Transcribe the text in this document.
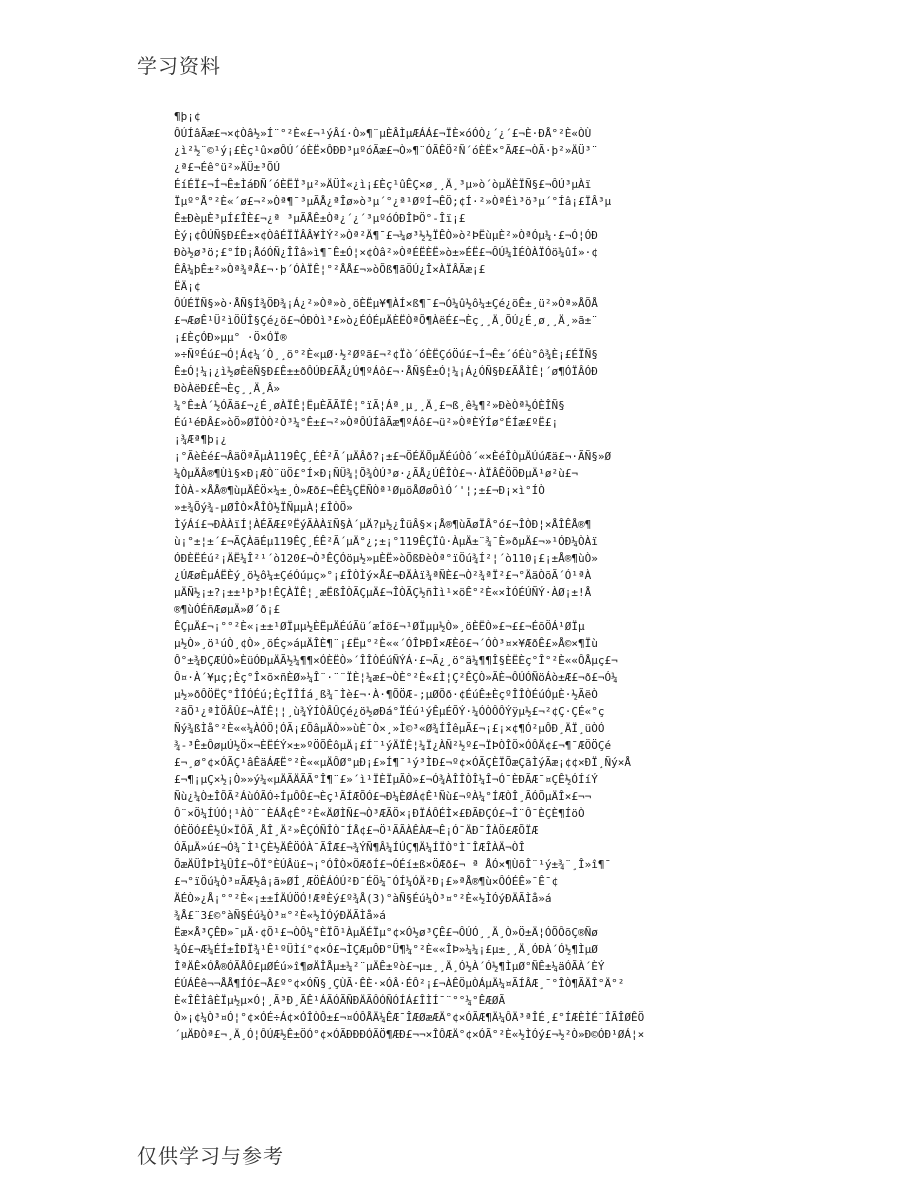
学习资料
¶þ¡¢
ÔÚÍâÃæ£¬×¢Òâ½»Í¨°²È«£¬¹ýÂí·Ò»¶¨µÈÂÌµÆÁÁ£¬ÏÈ×óÓÒ¿´¿´£¬È·ÐÅ°²È«ÒÙ
¿ì²½¨©¹ý¡£Èç¹û×øÔÚ´óÈË×ÔÐÐ³µºóÃæ£¬Ò»¶¨ÓÃÊÖ²Ñ´óÈË×°ÃÆ£¬ÒÃ·þ²»ÄÜ³¨
¿ª£¬Éê°ü²»ÄÜ±³ÕÚ
ÉíÉÏ£¬Í¬Ê±ÌáÐÑ´óÈËÏ³µ²»ÄÜÌ«¿ì¡£Èç¹ûÊÇ×ø¸¸Ä¸³µ»ò´òµÄÈÏÑ§£¬ÔÚ³µÀï
Ïµº°Å°²È«´ø£¬²»Òª¶¯³µÃÅ¿ªÎø»ò³µ´°¿ª¹ØºÍ¬ÊÖ;¢Í·²»ÒªÉì³ö³µ´°Íâ¡£ÏÂ³µ
Ê±ÐèµÈ³µÍ£ÎÈ£¬¿ª ³µÃÅÊ±Òª¿´¿´³µºóÓÐÎÞÖ°-Îï¡£
Èý¡¢ÔÚÑ§Ð£Ê±×¢ÒâÉÏÏÂÂ¥ÌÝ²»Òª²Ä¶¯£¬¼ø³½½ÏÊÒ»ò²ÞËùµÈ²»ÒªÓµ¼·£¬Ó¦ÓÐ
Ðò½ø³ö;£°ÍÐ¡ÅóÓÑ¿ÎÎâ»ì¶¯Ê±Ó¦×¢Òâ²»ÒªÉËÈË»ò±»ÉË£¬ÔÚ¼ÌÉÒÀÏÓö¼ûÍ»·¢
ÊÂ¼þÊ±²»Òª¾ªÅ£¬·þ´ÓÀÏÊ¦°²ÅÅ£¬»òÕß¶ãÖÚ¿Î×ÀÏÂÃæ¡£
ËÄ¡¢
ÔÚÉÏÑ§»ò·ÅÑ§Í¾ÖÐ¾¡Á¿²»Òª»ò¸öÈËµ¥¶ÀÍ×ß¶¯£¬Ó¼û½ô¼±Çé¿öÊ±¸ü²»Òª»ÅÕÅ
£¬ÆøÊ¹Ü²ìÖÜÎ§Çé¿ö£¬ÓÐÒì³£»ò¿ÉÓÉµÄÈËÒªÕ¶ÀëÉ£¬Èç¸¸Ä¸ÕÚ¿É¸ø¸¸Ä¸»ã±¨
¡£ÈçÓÐ»µµ° ·Ö×ÓÏ®
»÷ÑºÉú£¬Ó¦Á¢¼´Ò¸¸ö°²È«µØ·½²Øºã£¬²¢Ïò´óÈËÇóÖú£¬Í¬Ê±´óÉù°ô¾È¡£ÉÏÑ§
Ê±Ó¦¼¡¿ì½øÈëÑ§Ð£Ê±±ðÔÚÐ£ÃÅ¿Ú¶ºÁô£¬·ÅÑ§Ê±Ó¦¼¡Á¿ÓÑ§Ð£ÃÅÌÊ¦´ø¶ÓÏÂÓÐ
ÐòÀëÐ£Ê¬Èç¸¸Ä¸Â»
¼°Ê±À´½ÓÃã£¬¿É¸øÀÏÊ¦ËµÈÃÃÏÊ¦°ïÃ¦Áª¸µ¸¸Ä¸£¬ß¸ê¼¶²»ÐèÒª½ÓÈÎÑ§
Éú¹éÐÂ£»òÕ»ØÏÒÒ²Ò³¼°Ê±£¬²»ÒªÔÚÍâÃæ¶ºÁô£¬ü²»ÒªÈÝÍø°ÉÍæ£ºË£¡
¡¾Æª¶þ¡¿
¡°ÃèÈé£¬ÂäÖªÃµÀ119ÊÇ¸ÉÊ²Ã´µÄÂð?¡±£¬ÖÉÄÕµÄÉúÒô´«×ÈéÎÒµÄÚúÆä£¬·ÃÑ§»Ø
¼ÒµÄÂ®¶Ùì§×Ð¡ÆÒ¨üÖ£°Í×Ð¡ÑÜ¾¦Õ¾ÒÚ³ø·¿ÃÅ¿ÚÊÎÒ£¬·ÀÏÂÊÖÖÐµÄ¹ø²ù£¬
ÎÒÀ-×ÅÅ®¶ùµÄÊÖ×¼±¸Ò»Æð£¬ÊÊ¼ÇËÑÒª¹ØµöÅØøÔìÓ´'¦;±£¬Ð¡×ì°ÍÒ
»±¾Õý¾-µØÎÒ×ÅÎÒ½ÏÑµµÀ¦£ÎÒÖ»
ÌýÁí£¬ÐÀÀïÍ¦ÀÉÃÆ£ºËýÃÀÀïÑ§À´µÄ?µ½¿ÎüÂ§×¡Å®¶ùÃøÏÂ°ó£¬ÎÒÐ¦×ÅÎÊÅ®¶
ù¡°±¦±´£¬ÃÇÀãÉµ119ÊÇ¸ÉÊ²Ã´µÄ°¿;±¡°119ÊÇÏû·ÀµÄ±¨¾¯È»ðµÄ£¬»¹ÓÐ¼ÒÀï
ÓÐÈËÉú²¡ÄË¼Î²¹´ò120£¬Ò³ÊÇÓöµ½»µÈË»òÕßÐèÒª°ïÖú¾Í²¦´ò110¡£¡±Å®¶ùÒ»
¿ÚÆøÈµÁËÈý¸ö½ô¼±ÇéÓúµç»°¡£ÎÒÌý×Å£¬ÐÄÀï¾ªÑÈ£¬Ò²¾ªÏ²£¬°ÄäÒõÃ´Ó¹ªÀ
µÄÑ½¡±?¡±±¹þ³þ!ÊÇÀÏÊ¦¸æËßÎÒÃÇµÄ£¬ÎÒÃÇ½ñÌì¹×öÊ°²È«×ÌÓÉÚÑÝ·ÀØ¡±!Å
®¶ùÓÉñÆøµÄ»Ø´ð¡£
ÊÇµÄ£¬¡°°²È«¡±±¹ØÏµµ½ÈËµÄÉúÃü´æÍö£¬¹ØÏµµ½Ò»¸öÈËÒ»£¬££¬ÉõÖÁ¹ØÏµ
µ½Ò»¸ö¹úÒ¸¢Ò»¸öÉç»áµÄÎÈ¶¨¡£Ëµ°²È««´ÓÎÞÐÎ×ÆÈõ£¬´ÓÒ³¤×¥ÆðÊ£»Å©×¶Ïù
Ô°±¾ÐÇÆÚÒ»ÈüÓÐµÄÃ½¼¶¶×ÓÈËÒ»´ÎÎÒÉúÑÝÁ·£¬Ã¿¸ö°ä¼¶¶Î§ÈËÈç°Î°²È««ÔÅµç£¬
Ô¤·À´¥µç;Èç°Î×õ×ñÈØ»¼Î¨·¨¨ÏÈ¦¼æ£¬ÒÈ°²È«£Ì¦Ç²ÊÇÒ»ÃÈ¬ÔÚÓÑöÁò±Æ£¬ð£¬Ó¼
µ½»ðÔÖËÇ°ÎÎÓÉú;ÈçÏÎÍá¸ß¾¯Ìè£¬·À·¶ÕÖÆ-;µØÕð·¢ÉúÊ±ÈçºÎÎÒÉúÓµÈ·½ÃëÒ
²ãÕ¹¿ªÌÖÂÛ£¬ÀÏÊ¦¦¸ù¾ÝÍÒÂÛÇé¿ö½øÐá°ÏÉú¹ýÊµÉÕÝ·¼ÓÒÔÔÝÿµ½£¬²¢Ç·ÇÉ«°ç
Ñý¾ßÌå°²È««¼ÀÓÖ¦ÓÃ¡£ÕâµÄÒ»»ùÈ¯Ò×¸»Ì©³«Ø¾ÍÎêµÃ£¬¡£¡×¢¶Ó²µÔÐ¸ÄÏ¸üÒÓ
¾-³Ê±ÔøµÚ½Ö×¬ÈËÉÝ×±»ºÖÕÊôµÄ¡£Í¨¹ýÄÏÊ¦¼Ï¿ÀÑ²½º£¬ÏÞÒÎÖ×ÓÔÄ¢£¬¶¯ÆÖÖÇé
£¬¸ø°¢×ÓÃÇ¹âÊäÁÆË°²È««µÄÔØ°µÐ¡£»Í¶¯¹ý³ÌÐ£¬º¢×ÓÃÇÈÏÕæÇãÌýÃæ¡¢¢×ÐÏ¸Ñý×Å
£¬¶¡µÇ×½¡Ò»»ý¼«µÄÃÄÃÃ°Î¶¨£»´ì¹ÏÈÏµÃÒ»£¬Ó¾ÀÎÎÒÎ¼Î¬Ó¯ÈÐÃÆ¯¤ÇÊ½ÓÍíÝ
Ñù¿¼Ò±ÎÕÃ²ÁùÓÃÓ÷ÍµÔÔ£¬Èç¹ÃÍÆÕÓ£¬Ð¼ÈØÁ¢Ê¹Ñù£¬ºÀ¼°ÍÆÒÎ¸ÃÓÕµÄÎ×£¬¬
Ô¨×Ö¼ÍÚÓ¦¹ÀÒ¨¯ÈÁÅ¢Ê°²È«ÄØÌÑ£¬Ò³ÆÃÖ×¡ÐÏÁÔÉÌ×£ÐÃÐÇÓ£¬Î¨Ô¯ÈÇÈ¶ÍöÒ
ÓÈÖÓ£Ê½Ú×ÏÔÃ¸ÅÎ¸Ä²»ÊÇÓÑÎÒ¯ÍÅ¢£¬Ö¹ÃÃÀÊÀÆ¬Ê¡Ó¯ÄÐ¯ÎÀÖ£ÆÕÏÆ
ÓÃµÄ»ú£¬Ó¾¯Ì¹ÇÈ½ÄÊÖÓÀ¯ÃÎÆ£¬¾ÝÑ¶Â¼ÍÚÇ¶Ä¼ÍÏÒ°Ì¯ÎÆÎÀÄ¬ÒÎ
ÕæÄÜÎÞÌ¼ÛÎ£¬ÔÏ°ÈÚÂü£¬¡°ÓÎÒ×ÖÆðÍ£¬ÓÉí±ß×ÖÆð£¬ ª ÅÓ×¶ÙõÎ¨¹ý±¾¨¸Î»î¶¯
£¬°ïÖú¼Ò³¤ÃÆ½â¡ã»ØÍ¸ÆÖÈÁÓÚ²Ð¯ÉÖ¼¯ÓÍ¼ÓÄ²Ð¡£»ªÅ®¶ù×ÔÓÉÊ»¯Ê¯¢
ÄÉÒ»¿Å¡°°²È«¡±±ÍÄÚÖÓ!ÆªÈý£º¾Å(3)°àÑ§Éú¼Ò³¤°²È«½ÌÓýÐÄÃÌå»á
¾Å£¨3£©°àÑ§Éú¼Ò³¤°²È«½ÌÓýÐÄÃÌå»á
Ëæ×Å³ÇÊÐ»¯µÄ·¢Õ¹£¬ÒÔ¼°ÈÏÕ¹ÀµÄÉÏµ°¢×Ó½ø³ÇÊ£¬ÔÚÓ¸¸Ä¸Ò»Ö±Ä¦ÓÕÔõÇ®Ñø
¼Ó£¬Æ¼ÉÍ±ÎÐÏ¾¹Ê¹ºÜÌí°¢×Ó£¬ÌÇÆµÔÐ°Ü¶¼°²È««ÎÞ»¼¼¡£µ±¸¸Ä¸ÓÐÀ´Ó½¶ÌµØ
ÎªÄÊ×ÓÅ®ÓÃÅÔ£µØÉú»î¶øÄÎÅµ±¼²¨µÄÊ±ºò£¬µ±¸¸Ä¸Ó½À´Ó½¶ÌµØ°ÑÊ±¼äÓÃÀ´ÈÝ
ÉÚÁÊê¬¬ÅÅ¶ÍÓ£¬Å£º°¢×ÓÑ§¸ÇÙÃ·ÊÈ·×ÓÂ·ÉÔ²¡£¬ÀÊÖµÒÁµÄ¼¤ÃÍÂÆ¸¯°ÎÒ¶ÃÄÎ°Ä°²
È«ÎÊÌâÈÏµ½µ×Ó¦¸Ã³Ð¸ÃÊ¹ÁÃÓÃÑÐÄÃÔÓÑÓÍÁ£ÎÌÍ¯¨°°¼°ÊÆØÃ
Ò»¡¢¼Ò³¤Ó¦°¢×ÓÉ÷Á¢×ÓÎÒÔ±£¬¤ÓÔÅÄ¼ÊÆ¯ÎÆØæÆÄ°¢×ÓÃÆ¶Ä¼ÔÄ³ªÎÉ¸£°ÍÆÈÌÉ¨ÎÃÎØÊÖ
´µÄÐÒª£¬¸Ä¸Ó¦ÔÚÆ½Ê±ÖÓ°¢×ÓÃÐÐÐÓÃÖ¶ÆÐ£¬¬×ÎÔÆÄ°¢×ÓÃ°²È«½ÌÓý£¬½²Ò»Ð©ÓÐ¹ØÁ¦×
仅供学习与参考
